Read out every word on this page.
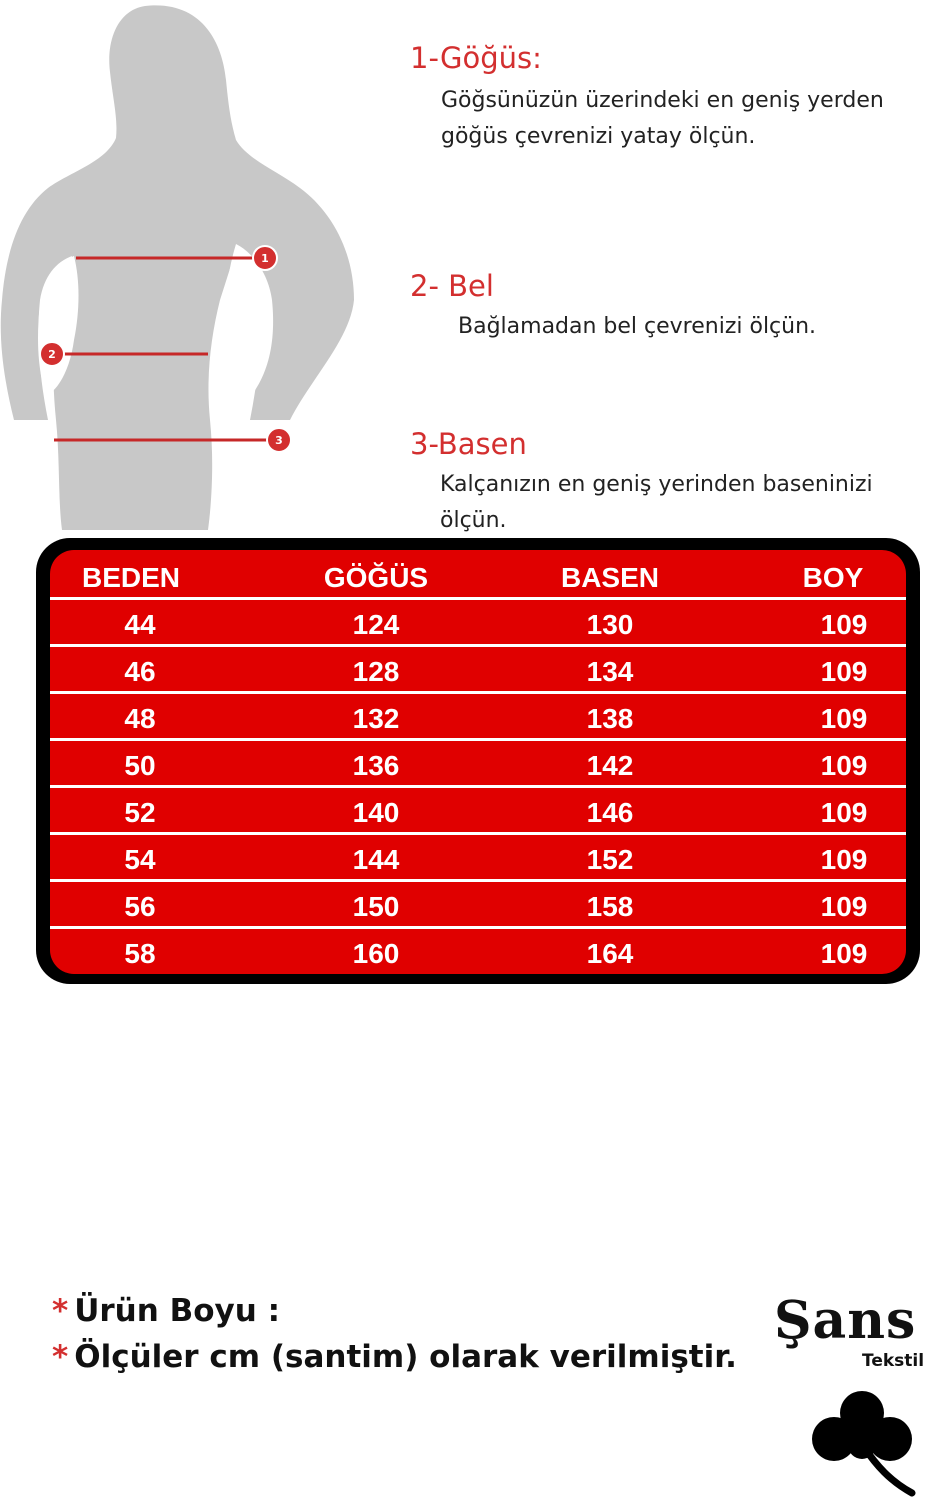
1
2
3
1-Göğüs:
Göğsünüzün üzerindeki en geniş yerden
göğüs çevrenizi yatay ölçün.
2- Bel
Bağlamadan bel çevrenizi ölçün.
3-Basen
Kalçanızın en geniş yerinden baseninizi
ölçün.
BEDEN	GÖĞÜS	BASEN	BOY
44	124	130	109
46	128	134	109
48	132	138	109
50	136	142	109
52	140	146	109
54	144	152	109
56	150	158	109
58	160	164	109
* Ürün Boyu :
* Ölçüler cm (santim) olarak verilmiştir.
Şans
Tekstil
